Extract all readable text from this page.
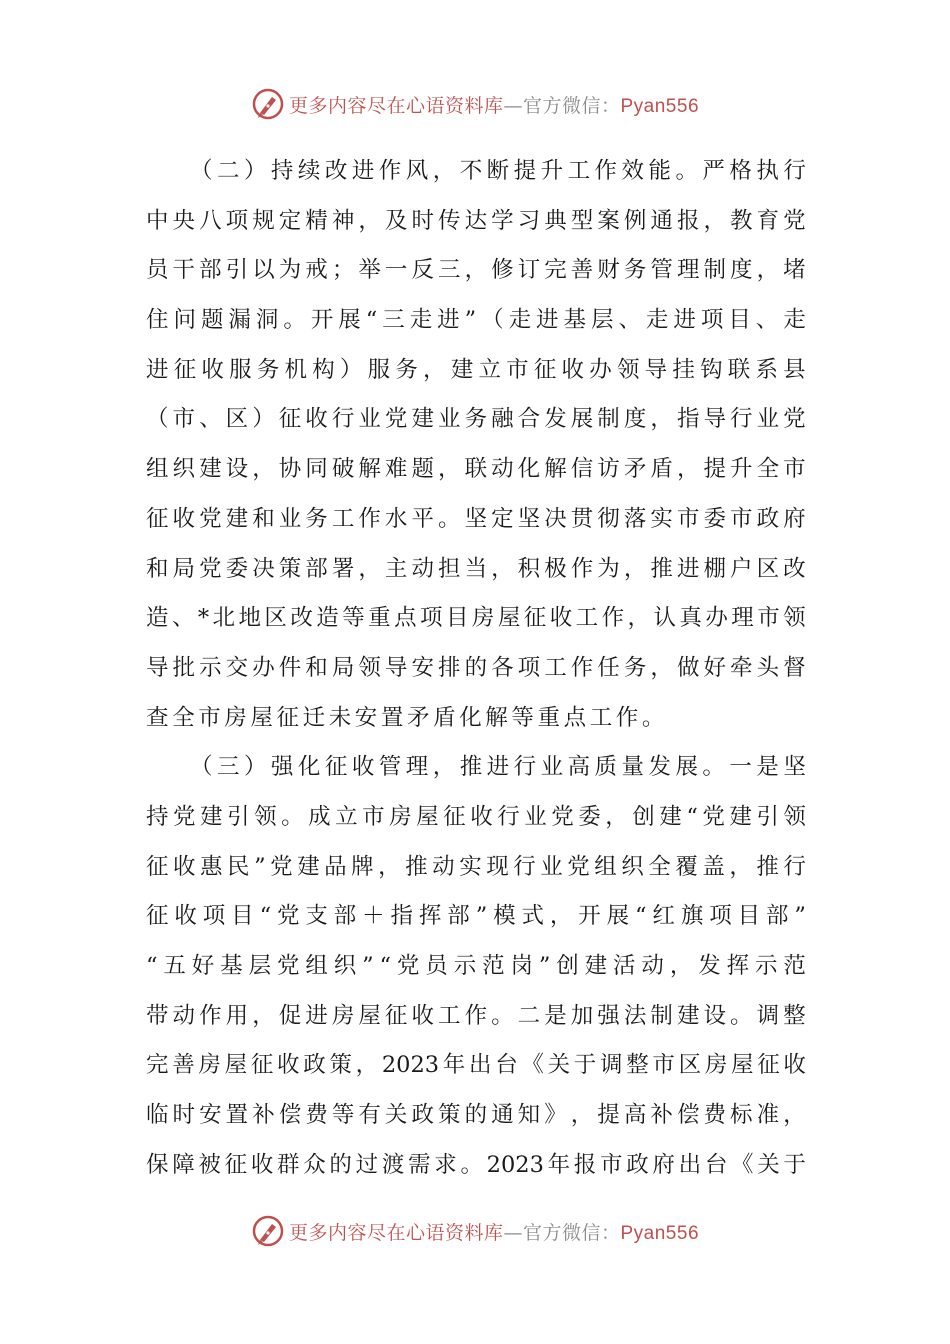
更多内容尽在心语资料库—官方微信：Pyan556
（ 二 ） 持 续 改 进 作 风 ， 不 断 提 升 工 作 效 能 。 严 格 执 行
中 央 八 项 规 定 精 神 ， 及 时 传 达 学 习 典 型 案 例 通 报 ， 教 育 党
员 干 部 引 以 为 戒 ； 举 一 反 三 ， 修 订 完 善 财 务 管 理 制 度 ， 堵
住 问 题 漏 洞 。 开 展 “ 三 走 进 ” （ 走 进 基 层 、 走 进 项 目 、 走
进 征 收 服 务 机 构 ） 服 务 ， 建 立 市 征 收 办 领 导 挂 钩 联 系 县
（ 市 、 区 ） 征 收 行 业 党 建 业 务 融 合 发 展 制 度 ， 指 导 行 业 党
组 织 建 设 ， 协 同 破 解 难 题 ， 联 动 化 解 信 访 矛 盾 ， 提 升 全 市
征 收 党 建 和 业 务 工 作 水 平 。 坚 定 坚 决 贯 彻 落 实 市 委 市 政 府
和 局 党 委 决 策 部 署 ， 主 动 担 当 ， 积 极 作 为 ， 推 进 棚 户 区 改
造 、 * 北 地 区 改 造 等 重 点 项 目 房 屋 征 收 工 作 ， 认 真 办 理 市 领
导 批 示 交 办 件 和 局 领 导 安 排 的 各 项 工 作 任 务 ， 做 好 牵 头 督
查全市房屋征迁未安置矛盾化解等重点工作。
（ 三 ） 强 化 征 收 管 理 ， 推 进 行 业 高 质 量 发 展 。 一 是 坚
持 党 建 引 领 。 成 立 市 房 屋 征 收 行 业 党 委 ， 创 建 “ 党 建 引 领
征 收 惠 民 ” 党 建 品 牌 ， 推 动 实 现 行 业 党 组 织 全 覆 盖 ， 推 行
征 收 项 目 “ 党 支 部 ＋ 指 挥 部 ” 模 式 ， 开 展 “ 红 旗 项 目 部 ”
“ 五 好 基 层 党 组 织 ” “ 党 员 示 范 岗 ” 创 建 活 动 ， 发 挥 示 范
带 动 作 用 ， 促 进 房 屋 征 收 工 作 。 二 是 加 强 法 制 建 设 。 调 整
完 善 房 屋 征 收 政 策 ， 2023 年 出 台 《 关 于 调 整 市 区 房 屋 征 收
临 时 安 置 补 偿 费 等 有 关 政 策 的 通 知 》 ， 提 高 补 偿 费 标 准 ，
保 障 被 征 收 群 众 的 过 渡 需 求 。 2023 年 报 市 政 府 出 台 《 关 于
更多内容尽在心语资料库—官方微信：Pyan556
